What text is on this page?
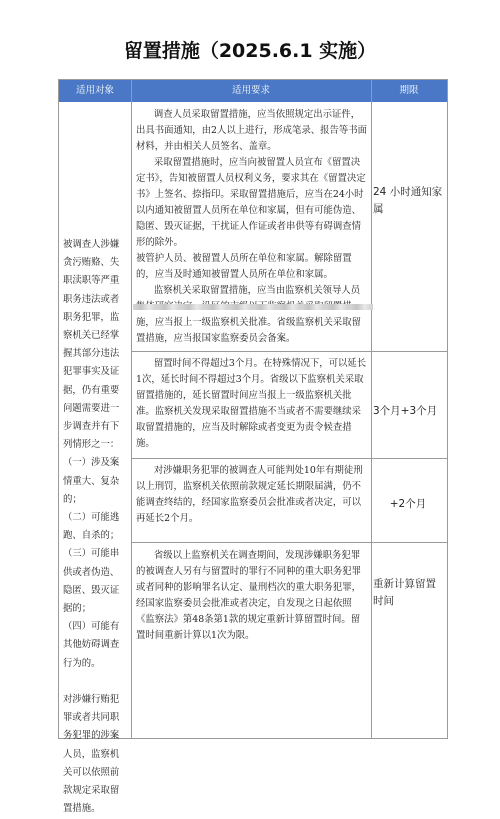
留置措施（2025.6.1 实施）
适用对象	适用要求	期限
被调查人涉嫌贪污贿赂、失职渎职等严重职务违法或者职务犯罪，监察机关已经掌握其部分违法犯罪事实及证据，仍有重要问题需要进一步调查并有下列情形之一：
（一）涉及案情重大、复杂的；
（二）可能逃跑、自杀的；
（三）可能串供或者伪造、隐匿、毁灭证据的；
（四）可能有其他妨碍调查行为的。

对涉嫌行贿犯罪或者共同职务犯罪的涉案人员，监察机关可以依照前款规定采取留置措施。
调查人员采取留置措施，应当依照规定出示证件，出具书面通知，由2人以上进行，形成笔录、报告等书面材料，并由相关人员签名、盖章。
采取留置措施时，应当向被留置人员宣布《留置决定书》，告知被留置人员权利义务，要求其在《留置决定书》上签名、捺指印。采取留置措施后，应当在24小时以内通知被留置人员所在单位和家属，但有可能伪造、隐匿、毁灭证据，干扰证人作证或者串供等有碍调查情形的除外。
被管护人员、被留置人员所在单位和家属。解除留置的，应当及时通知被留置人员所在单位和家属。
监察机关采取留置措施，应当由监察机关领导人员 施，应当报上一级监察机关批准。省级监察机关采取留置措施，应当报国家监察委员会备案。
24 小时通知家属
留置时间不得超过3个月。在特殊情况下，可以延长1次，延长时间不得超过3个月。省级以下监察机关采取留置措施的，延长留置时间应当报上一级监察机关批准。监察机关发现采取留置措施不当或者不需要继续采取留置措施的，应当及时解除或者变更为责令候查措施。
3个月+3个月
对涉嫌职务犯罪的被调查人可能判处10年有期徒刑以上刑罚，监察机关依照前款规定延长期限届满，仍不能调查终结的，经国家监察委员会批准或者决定，可以再延长2个月。
+2个月
省级以上监察机关在调查期间，发现涉嫌职务犯罪的被调查人另有与留置时的罪行不同种的重大职务犯罪或者同种的影响罪名认定、量刑档次的重大职务犯罪，经国家监察委员会批准或者决定，自发现之日起依照《监察法》第48条第1款的规定重新计算留置时间。留置时间重新计算以1次为限。
重新计算留置时间
